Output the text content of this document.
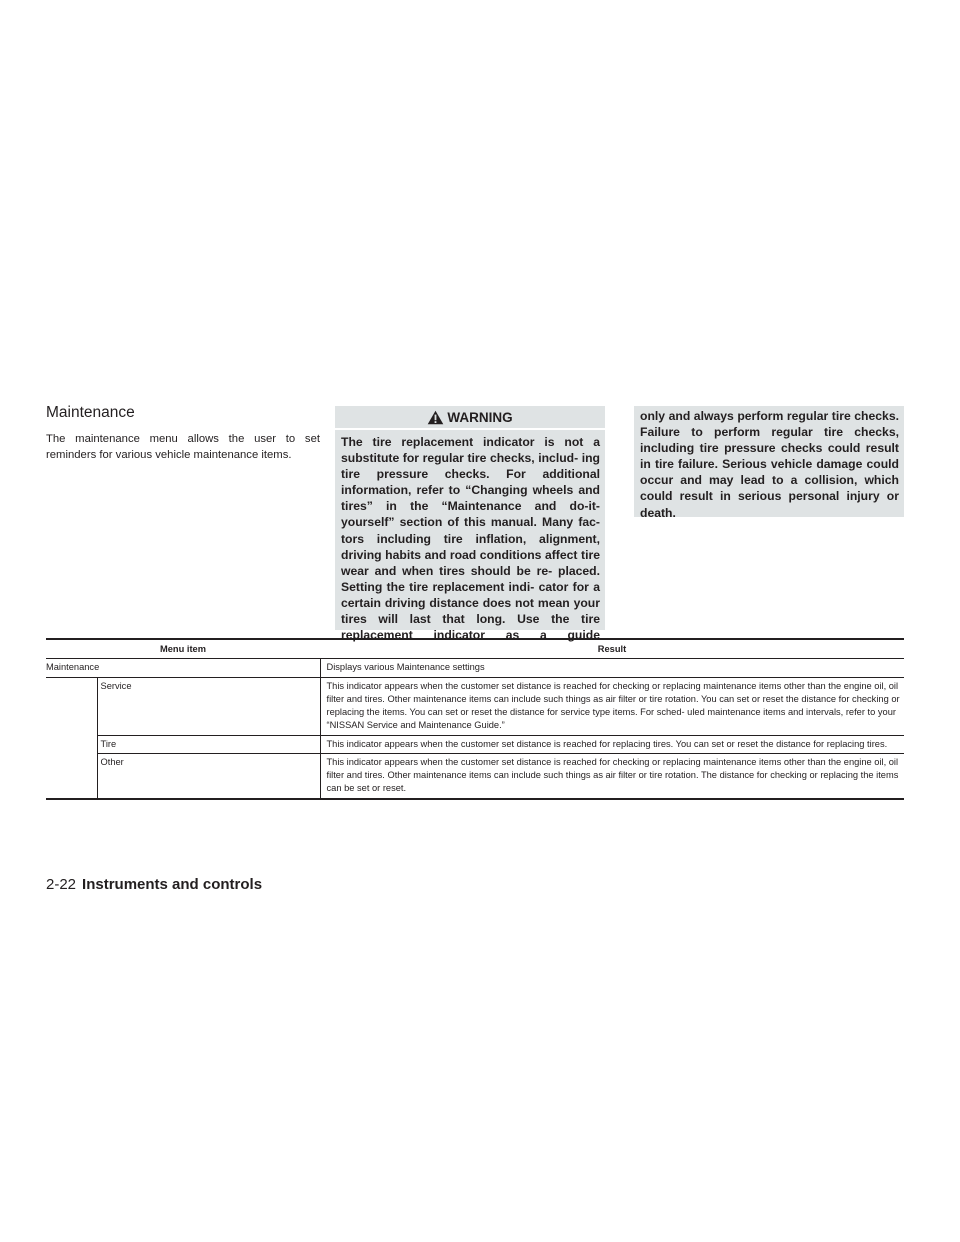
Maintenance

The maintenance menu allows the user to set reminders for various vehicle maintenance items.

WARNING

The tire replacement indicator is not a substitute for regular tire checks, includ- ing tire pressure checks. For additional information, refer to “Changing wheels and tires” in the “Maintenance and do-it- yourself” section of this manual. Many fac- tors including tire inflation, alignment, driving habits and road conditions affect tire wear and when tires should be re- placed. Setting the tire replacement indi- cator for a certain driving distance does not mean your tires will last that long. Use the tire replacement indicator as a guide

only and always perform regular tire checks. Failure to perform regular tire checks, including tire pressure checks could result in tire failure. Serious vehicle damage could occur and may lead to a collision, which could result in serious personal injury or death.

Menu item		Result
Maintenance		Displays various Maintenance settings
	Service	This indicator appears when the customer set distance is reached for checking or replacing maintenance items other than the engine oil, oil filter and tires. Other maintenance items can include such things as air filter or tire rotation. You can set or reset the distance for checking or replacing the items. You can set or reset the distance for service type items. For sched- uled maintenance items and intervals, refer to your “NISSAN Service and Maintenance Guide.”

	Tire	This indicator appears when the customer set distance is reached for replacing tires. You can set or reset the distance for replacing tires.

	Other	This indicator appears when the customer set distance is reached for checking or replacing maintenance items other than the engine oil, oil filter and tires. Other maintenance items can include such things as air filter or tire rotation. The distance for checking or replacing the items can be set or reset.

2-22 Instruments and controls
